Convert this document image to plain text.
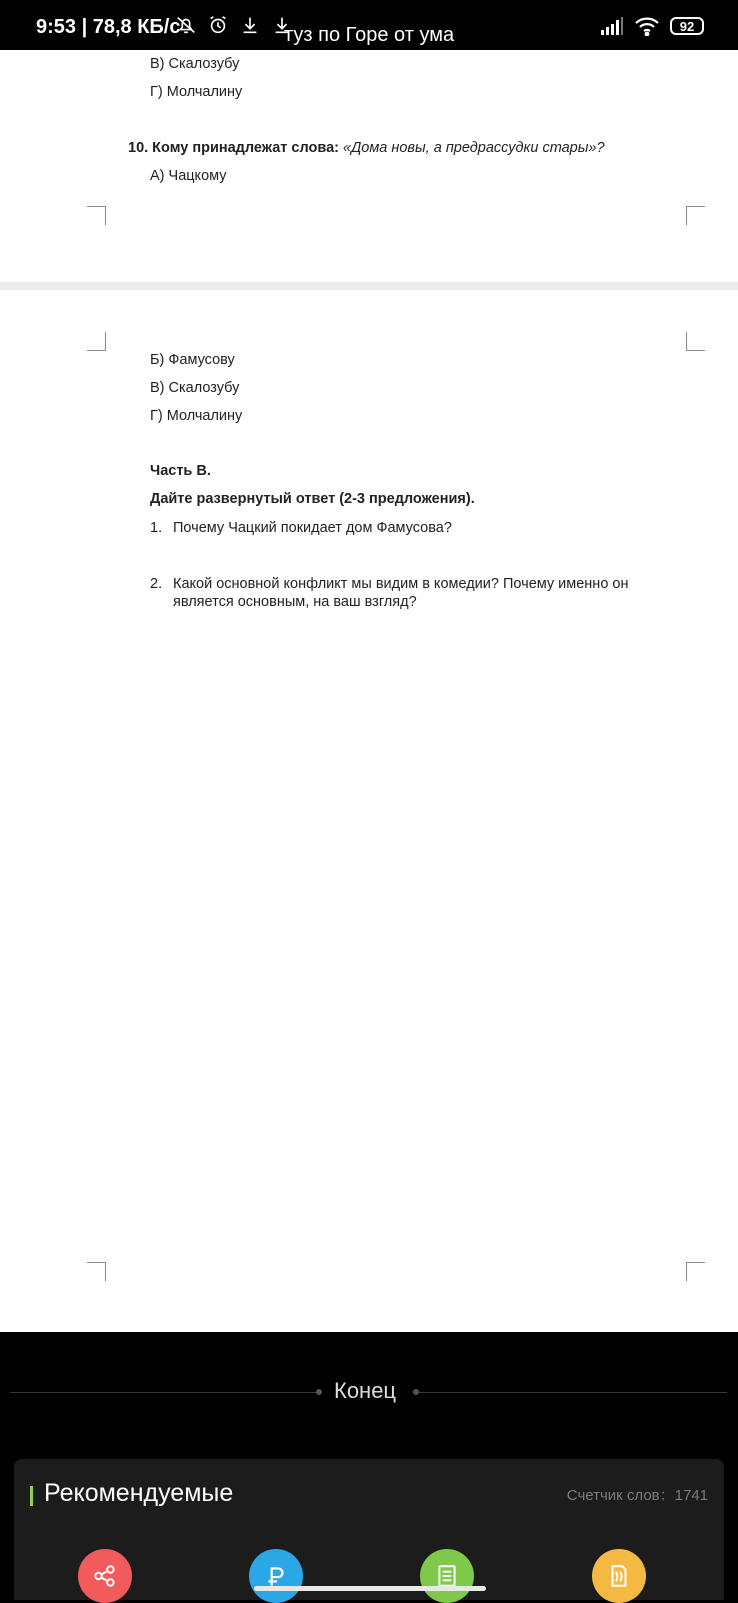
9:53 | 78,8 КБ/с	туз по Горе от ума	92
В) Скалозубу
Г) Молчалину
10. Кому принадлежат слова: «Дома новы, а предрассудки стары»?
А) Чацкому
Б) Фамусову
В) Скалозубу
Г) Молчалину
Часть В.
Дайте развернутый ответ (2-3 предложения).
1. Почему Чацкий покидает дом Фамусова?
2. Какой основной конфликт мы видим в комедии? Почему именно он
является основным, на ваш взгляд?
Конец
Рекомендуемые	Счетчик слов：1741
